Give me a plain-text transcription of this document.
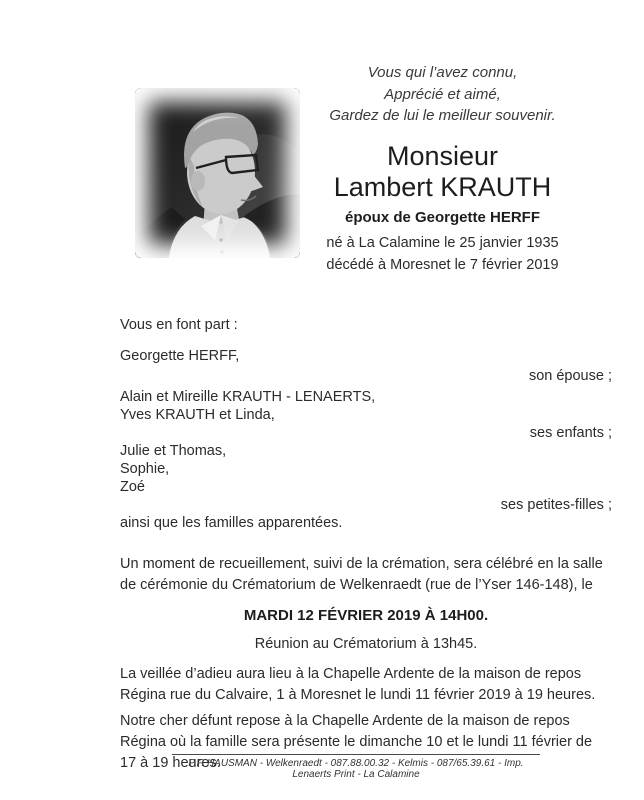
Vous qui l’avez connu,
Apprécié et aimé,
Gardez de lui le meilleur souvenir.
Monsieur
Lambert KRAUTH
époux de Georgette HERFF
né à La Calamine le 25 janvier 1935
décédé à Moresnet le 7 février 2019
Vous en font part :
Georgette HERFF,
son épouse ;
Alain et Mireille KRAUTH - LENAERTS,
Yves KRAUTH et Linda,
ses enfants ;
Julie et Thomas,
Sophie,
Zoé
ses petites-filles ;
ainsi que les familles apparentées.
Un moment de recueillement, suivi de la crémation, sera célébré en la salle de cérémonie du Crématorium de Welkenraedt (rue de l’Yser 146-148), le
MARDI 12 FÉVRIER 2019 À 14H00.
Réunion au Crématorium à 13h45.
La veillée d’adieu aura lieu à la Chapelle Ardente de la maison de repos Régina rue du Calvaire, 1 à Moresnet le lundi 11 février 2019 à 19 heures.
Notre cher défunt repose à la Chapelle Ardente de la maison de repos Régina où la famille sera présente le dimanche 10 et le lundi 11 février de 17 à 19 heures.
P.F. HAUSMAN - Welkenraedt - 087.88.00.32 - Kelmis - 087/65.39.61 - Imp. Lenaerts Print - La Calamine
